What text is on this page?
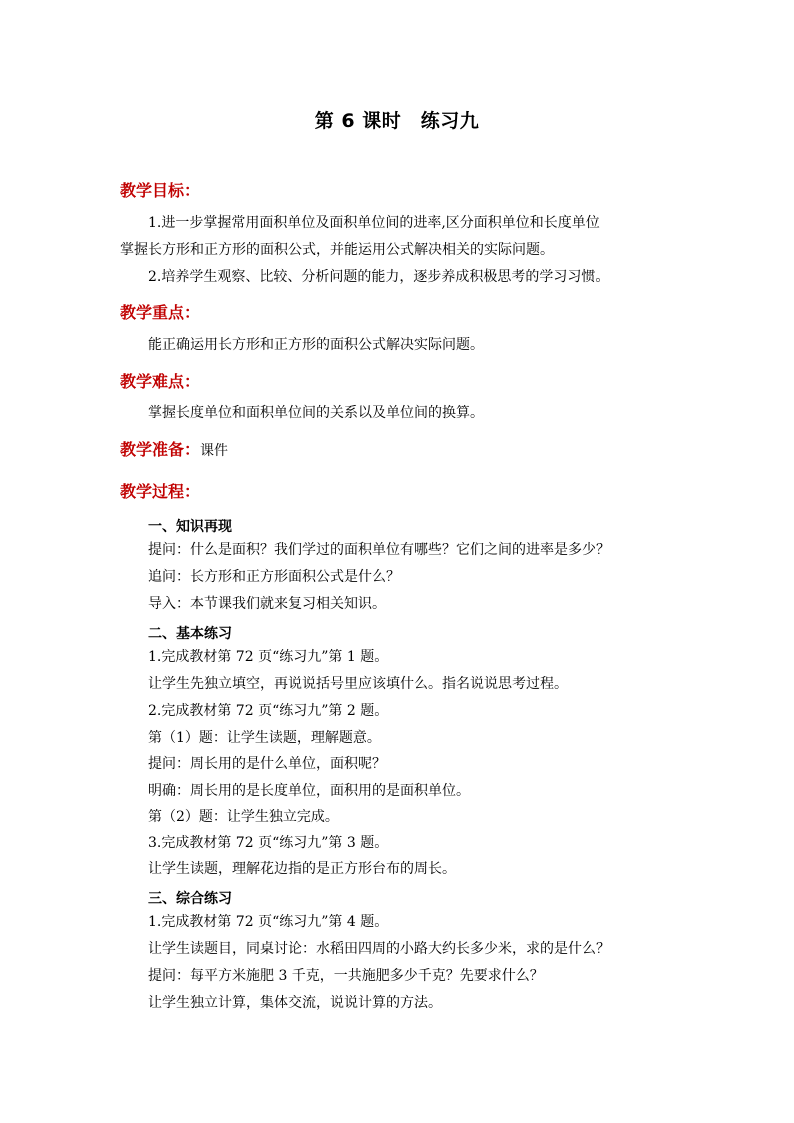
第 6 课时　练习九
教学目标：
1.进一步掌握常用面积单位及面积单位间的进率,区分面积单位和长度单位
掌握长方形和正方形的面积公式，并能运用公式解决相关的实际问题。
2.培养学生观察、比较、分析问题的能力，逐步养成积极思考的学习习惯。
教学重点：
能正确运用长方形和正方形的面积公式解决实际问题。
教学难点：
掌握长度单位和面积单位间的关系以及单位间的换算。
教学准备：课件
教学过程：
一、知识再现
提问：什么是面积？我们学过的面积单位有哪些？它们之间的进率是多少？
追问：长方形和正方形面积公式是什么？
导入：本节课我们就来复习相关知识。
二、基本练习
1.完成教材第 72 页“练习九”第 1 题。
让学生先独立填空，再说说括号里应该填什么。指名说说思考过程。
2.完成教材第 72 页“练习九”第 2 题。
第（1）题：让学生读题，理解题意。
提问：周长用的是什么单位，面积呢？
明确：周长用的是长度单位，面积用的是面积单位。
第（2）题：让学生独立完成。
3.完成教材第 72 页“练习九”第 3 题。
让学生读题，理解花边指的是正方形台布的周长。
三、综合练习
1.完成教材第 72 页“练习九”第 4 题。
让学生读题目，同桌讨论：水稻田四周的小路大约长多少米，求的是什么？
提问：每平方米施肥 3 千克，一共施肥多少千克？先要求什么？
让学生独立计算，集体交流，说说计算的方法。
